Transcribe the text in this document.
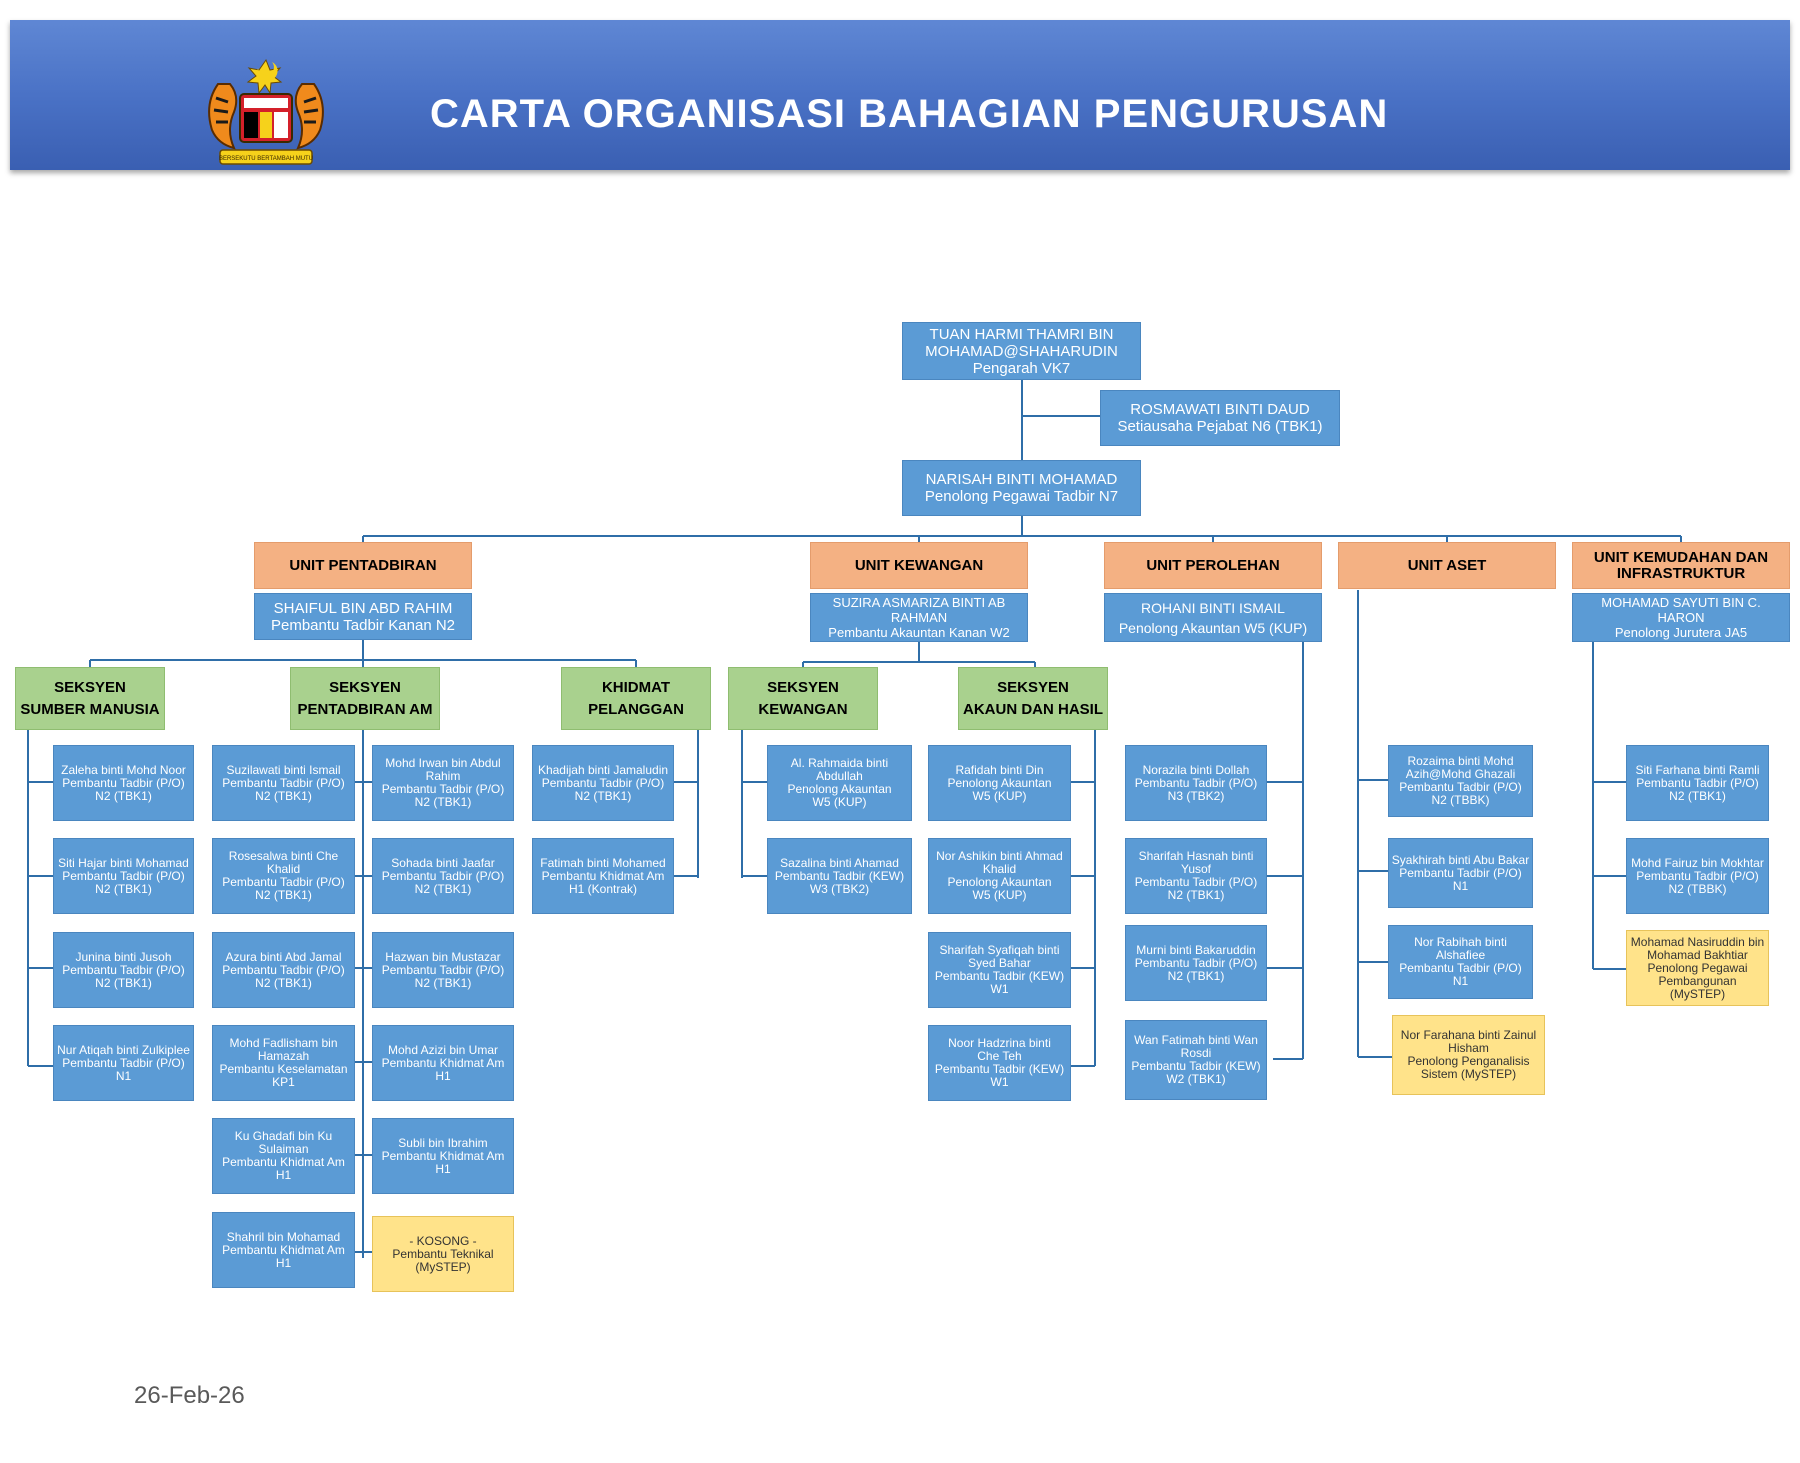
BERSEKUTU BERTAMBAH MUTU
CARTA ORGANISASI BAHAGIAN PENGURUSAN
TUAN HARMI THAMRI BIN
MOHAMAD@SHAHARUDIN
Pengarah VK7
ROSMAWATI BINTI DAUD
Setiausaha Pejabat N6 (TBK1)
NARISAH BINTI MOHAMAD
Penolong Pegawai Tadbir N7
UNIT PENTADBIRAN
SHAIFUL BIN ABD RAHIM
Pembantu Tadbir Kanan N2
UNIT KEWANGAN
SUZIRA ASMARIZA BINTI AB
RAHMAN
Pembantu Akauntan Kanan W2
UNIT PEROLEHAN
ROHANI BINTI ISMAIL
Penolong Akauntan W5 (KUP)
UNIT ASET	UNIT KEMUDAHAN DAN
INFRASTRUKTUR
MOHAMAD SAYUTI BIN C.
HARON
Penolong Jurutera JA5
SEKSYEN
SUMBER MANUSIA
SEKSYEN
PENTADBIRAN AM
KHIDMAT
PELANGGAN
SEKSYEN
KEWANGAN
SEKSYEN
AKAUN DAN HASIL
Zaleha binti Mohd Noor
Pembantu Tadbir (P/O)
N2 (TBK1)
Siti Hajar binti Mohamad
Pembantu Tadbir (P/O)
N2 (TBK1)
Junina binti Jusoh
Pembantu Tadbir (P/O)
N2 (TBK1)
Nur Atiqah binti Zulkiplee
Pembantu Tadbir (P/O)
N1
Suzilawati binti Ismail
Pembantu Tadbir (P/O)
N2 (TBK1)
Rosesalwa binti Che
Khalid
Pembantu Tadbir (P/O)
N2 (TBK1)
Azura binti Abd Jamal
Pembantu Tadbir (P/O)
N2 (TBK1)
Mohd Fadlisham bin
Hamazah
Pembantu Keselamatan
KP1
Ku Ghadafi bin Ku
Sulaiman
Pembantu Khidmat Am
H1
Shahril bin Mohamad
Pembantu Khidmat Am
H1
Mohd Irwan bin Abdul
Rahim
Pembantu Tadbir (P/O)
N2 (TBK1)
Sohada binti Jaafar
Pembantu Tadbir (P/O)
N2 (TBK1)
Hazwan bin Mustazar
Pembantu Tadbir (P/O)
N2 (TBK1)
Mohd Azizi bin Umar
Pembantu Khidmat Am
H1
Subli bin Ibrahim
Pembantu Khidmat Am
H1
- KOSONG -
Pembantu Teknikal
(MySTEP)
Khadijah binti Jamaludin
Pembantu Tadbir (P/O)
N2 (TBK1)
Fatimah binti Mohamed
Pembantu Khidmat Am
H1 (Kontrak)
Al. Rahmaida binti
Abdullah
Penolong Akauntan
W5 (KUP)
Sazalina binti Ahamad
Pembantu Tadbir (KEW)
W3 (TBK2)
Rafidah binti Din
Penolong Akauntan
W5 (KUP)
Nor Ashikin binti Ahmad
Khalid
Penolong Akauntan
W5 (KUP)
Sharifah Syafiqah binti
Syed Bahar
Pembantu Tadbir (KEW)
W1
Noor Hadzrina binti
Che Teh
Pembantu Tadbir (KEW)
W1
Norazila binti Dollah
Pembantu Tadbir (P/O)
N3 (TBK2)
Sharifah Hasnah binti
Yusof
Pembantu Tadbir (P/O)
N2 (TBK1)
Murni binti Bakaruddin
Pembantu Tadbir (P/O)
N2 (TBK1)
Wan Fatimah binti Wan
Rosdi
Pembantu Tadbir (KEW)
W2 (TBK1)
Rozaima binti Mohd
Azih@Mohd Ghazali
Pembantu Tadbir (P/O)
N2 (TBBK)
Syakhirah binti Abu Bakar
Pembantu Tadbir (P/O)
N1
Nor Rabihah binti
Alshafiee
Pembantu Tadbir (P/O)
N1
Nor Farahana binti Zainul
Hisham
Penolong Penganalisis
Sistem (MySTEP)
Siti Farhana binti Ramli
Pembantu Tadbir (P/O)
N2 (TBK1)
Mohd Fairuz bin Mokhtar
Pembantu Tadbir (P/O)
N2 (TBBK)
Mohamad Nasiruddin bin
Mohamad Bakhtiar
Penolong Pegawai
Pembangunan
(MySTEP)
26-Feb-26
